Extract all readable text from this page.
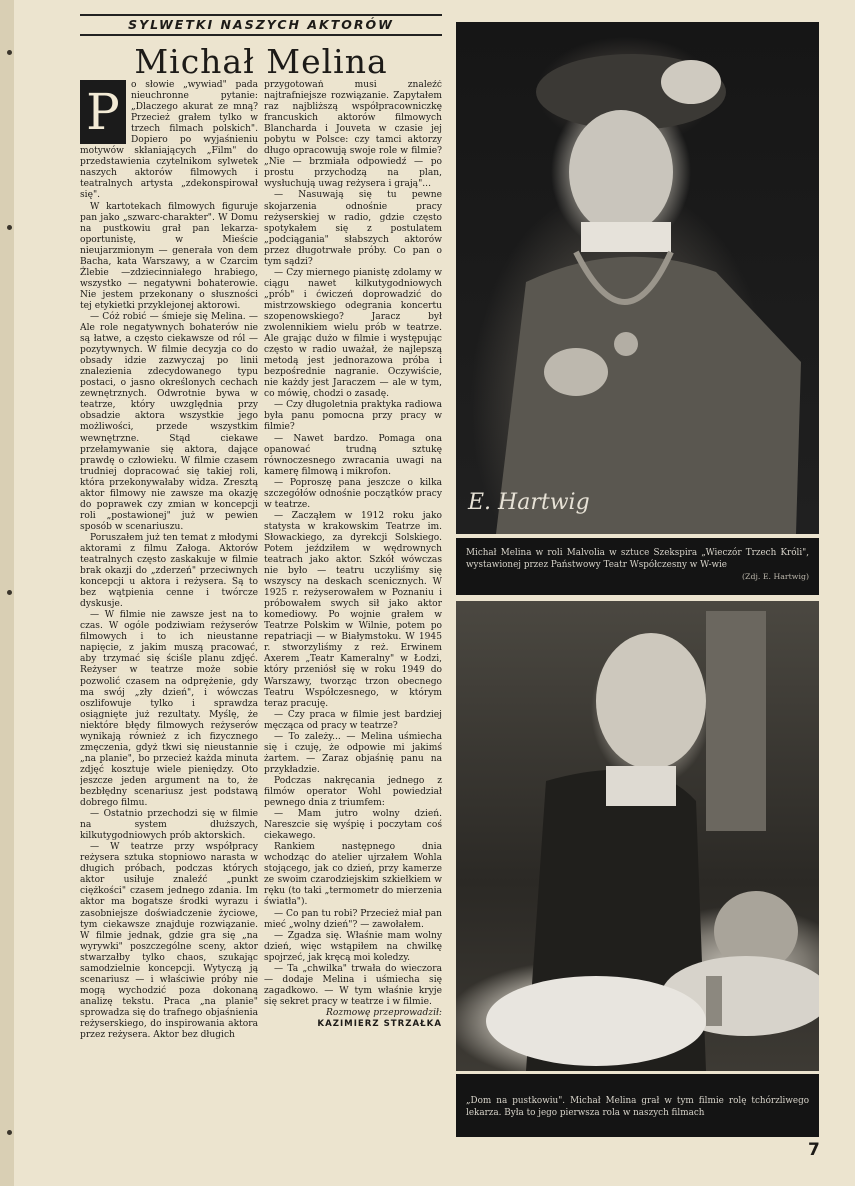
SYLWETKI NASZYCH AKTORÓW
Michał Melina
P	o słowie „wywiad" pada nieuchronne pytanie: „Dlaczego akurat ze mną? Przecież grałem tylko w trzech filmach polskich". Dopiero po wyjaśnieniu motywów skłaniających „Film" do przedstawienia czytelnikom sylwetek naszych aktorów filmowych i teatralnych artysta „zdekonspirował się".

W kartotekach filmowych figuruje pan jako „szwarc-charakter". W Domu na pustkowiu grał pan lekarza-oportunistę, w Mieście nieujarzmionym — generała von dem Bacha, kata Warszawy, a w Czarcim Żlebie —zdziecinniałego hrabiego, wszystko — negatywni bohaterowie. Nie jestem przekonany o słuszności tej etykietki przyklejonej aktorowi.

— Cóż robić — śmieje się Melina. — Ale role negatywnych bohaterów nie są łatwe, a często ciekawsze od ról — pozytywnych. W filmie decyzja co do obsady idzie zazwyczaj po linii znalezienia zdecydowanego typu postaci, o jasno określonych cechach zewnętrznych. Odwrotnie bywa w teatrze, który uwzględnia przy obsadzie aktora wszystkie jego możliwości, przede wszystkim wewnętrzne. Stąd ciekawe przełamywanie się aktora, dające prawdę o człowieku. W filmie czasem trudniej dopracować się takiej roli, która przekonywałaby widza. Zresztą aktor filmowy nie zawsze ma okazję do poprawek czy zmian w koncepcji roli „postawionej" już w pewien sposób w scenariuszu.

Poruszałem już ten temat z młodymi aktorami z filmu Załoga. Aktorów teatralnych często zaskakuje w filmie brak okazji do „zderzeń" przeciwnych koncepcji u aktora i reżysera. Są to bez wątpienia cenne i twórcze dyskusje.

— W filmie nie zawsze jest na to czas. W ogóle podziwiam reżyserów filmowych i to ich nieustanne napięcie, z jakim muszą pracować, aby trzymać się ściśle planu zdjęć. Reżyser w teatrze może sobie pozwolić czasem na odprężenie, gdy ma swój „zły dzień", i wówczas oszlifowuje tylko i sprawdza osiągnięte już rezultaty. Myślę, że niektóre błędy filmowych reżyserów wynikają również z ich fizycznego zmęczenia, gdyż tkwi się nieustannie „na planie", bo przecież każda minuta zdjęć kosztuje wiele pieniędzy. Oto jeszcze jeden argument na to, że bezbłędny scenariusz jest podstawą dobrego filmu.

— Ostatnio przechodzi się w filmie na system dłuższych, kilkutygodniowych prób aktorskich.

— W teatrze przy współpracy reżysera sztuka stopniowo narasta w długich próbach, podczas których aktor usiłuje znaleźć „punkt ciężkości" czasem jednego zdania. Im aktor ma bogatsze środki wyrazu i zasobniejsze doświadczenie życiowe, tym ciekawsze znajduje rozwiązanie. W filmie jednak, gdzie gra się „na wyrywki" poszczególne sceny, aktor stwarzałby tylko chaos, szukając samodzielnie koncepcji. Wytyczą ją scenariusz — i właściwie próby nie mogą wychodzić poza dokonaną analizę tekstu. Praca „na planie" sprowadza się do trafnego objaśnienia reżyserskiego, do inspirowania aktora przez reżysera. Aktor bez długich

przygotowań musi znaleźć najtrafniejsze rozwiązanie. Zapytałem raz najbliższą współpracowniczkę francuskich aktorów filmowych Blancharda i Jouveta w czasie jej pobytu w Polsce: czy tamci aktorzy długo opracowują swoje role w filmie? „Nie — brzmiała odpowiedź — po prostu przychodzą na plan, wysłuchują uwag reżysera i grają"...

— Nasuwają się tu pewne skojarzenia odnośnie pracy reżyserskiej w radio, gdzie często spotykałem się z postulatem „podciągania" słabszych aktorów przez długotrwałe próby. Co pan o tym sądzi?

— Czy miernego pianistę zdolamy w ciągu nawet kilkutygodniowych „prób" i ćwiczeń doprowadzić do mistrzowskiego odegrania koncertu szopenowskiego? Jaracz był zwolennikiem wielu prób w teatrze. Ale grając dużo w filmie i występując często w radio uważał, że najlepszą metodą jest jednorazowa próba i bezpośrednie nagranie. Oczywiście, nie każdy jest Jaraczem — ale w tym, co mówię, chodzi o zasadę.

— Czy długoletnia praktyka radiowa była panu pomocna przy pracy w filmie?

— Nawet bardzo. Pomaga ona opanować trudną sztukę równoczesnego zwracania uwagi na kamerę filmową i mikrofon.

— Poproszę pana jeszcze o kilka szczegółów odnośnie początków pracy w teatrze.

— Zacząłem w 1912 roku jako statysta w krakowskim Teatrze im. Słowackiego, za dyrekcji Solskiego. Potem jeździłem w wędrownych teatrach jako aktor. Szkół wówczas nie było — teatru uczyliśmy się wszyscy na deskach scenicznych. W 1925 r. reżyserowałem w Poznaniu i próbowałem swych sił jako aktor komediowy. Po wojnie grałem w Teatrze Polskim w Wilnie, potem po repatriacji — w Białymstoku. W 1945 r. stworzyliśmy z reż. Erwinem Axerem „Teatr Kameralny" w Łodzi, który przeniósł się w roku 1949 do Warszawy, tworząc trzon obecnego Teatru Współczesnego, w którym teraz pracuję.

— Czy praca w filmie jest bardziej męcząca od pracy w teatrze?

— To zależy... — Melina uśmiecha się i czuję, że odpowie mi jakimś żartem. — Zaraz objaśnię panu na przykładzie.

Podczas nakręcania jednego z filmów operator Wohl powiedział pewnego dnia z triumfem:

— Mam jutro wolny dzień. Nareszcie się wyśpię i poczytam coś ciekawego.

Rankiem następnego dnia wchodząc do atelier ujrzałem Wohla stojącego, jak co dzień, przy kamerze ze swoim czarodziejskim szkiełkiem w ręku (to taki „termometr do mierzenia światła").

— Co pan tu robi? Przecież miał pan mieć „wolny dzień"? — zawołałem.

— Zgadza się. Właśnie mam wolny dzień, więc wstąpiłem na chwilkę spojrzeć, jak kręcą moi koledzy.

— Ta „chwilka" trwała do wieczora — dodaje Melina i uśmiecha się zagadkowo. — W tym właśnie kryje się sekret pracy w teatrze i w filmie.

Rozmowę przeprowadził:

KAZIMIERZ STRZAŁKA

E. Hartwig
Michał Melina w roli Malvolia w sztuce Szekspira „Wieczór Trzech Króli", wystawionej przez Państwowy Teatr Współczesny w W-wie
(Zdj. E. Hartwig)
„Dom na pustkowiu". Michał Melina grał w tym filmie rolę tchórzliwego lekarza. Była to jego pierwsza rola w naszych filmach
7
